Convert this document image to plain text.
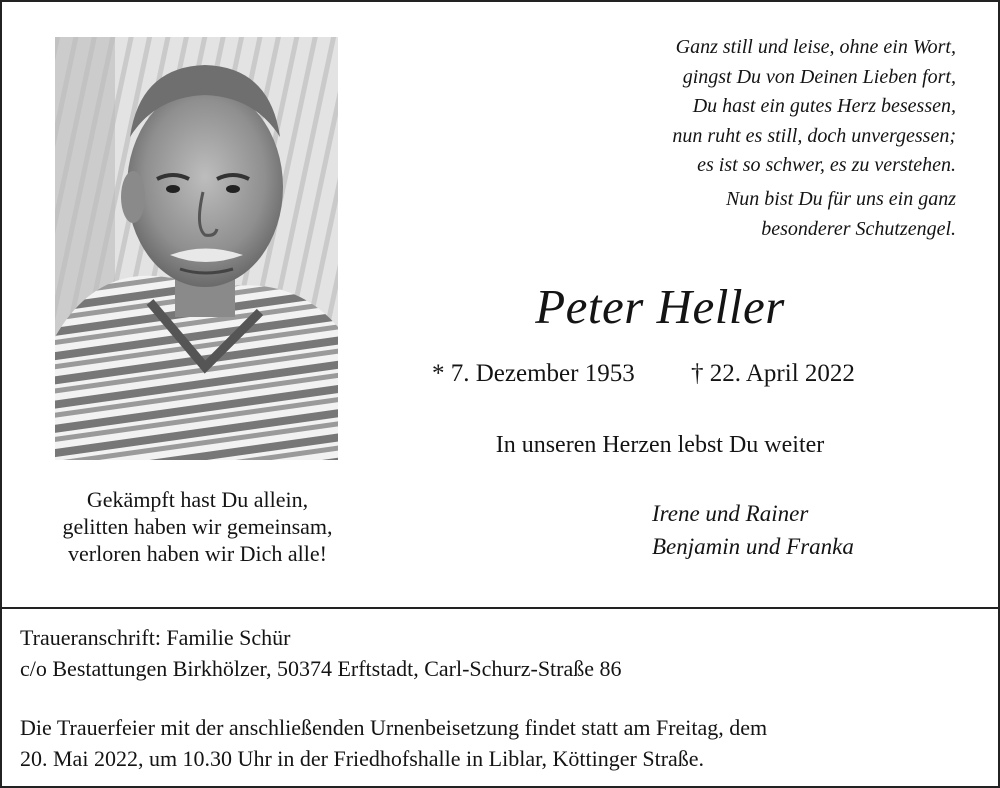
Ganz still und leise, ohne ein Wort,
gingst Du von Deinen Lieben fort,
Du hast ein gutes Herz besessen,
nun ruht es still, doch unvergessen;
es ist so schwer, es zu verstehen.
Nun bist Du für uns ein ganz
besonderer Schutzengel.
Peter Heller
* 7. Dezember 1953 † 22. April 2022
In unseren Herzen lebst Du weiter
Irene und Rainer
Benjamin und Franka
Gekämpft hast Du allein,
gelitten haben wir gemeinsam,
verloren haben wir Dich alle!
Traueranschrift: Familie Schür
c/o Bestattungen Birkhölzer, 50374 Erftstadt, Carl-Schurz-Straße 86
Die Trauerfeier mit der anschließenden Urnenbeisetzung findet statt am Freitag, dem
20. Mai 2022, um 10.30 Uhr in der Friedhofshalle in Liblar, Köttinger Straße.
